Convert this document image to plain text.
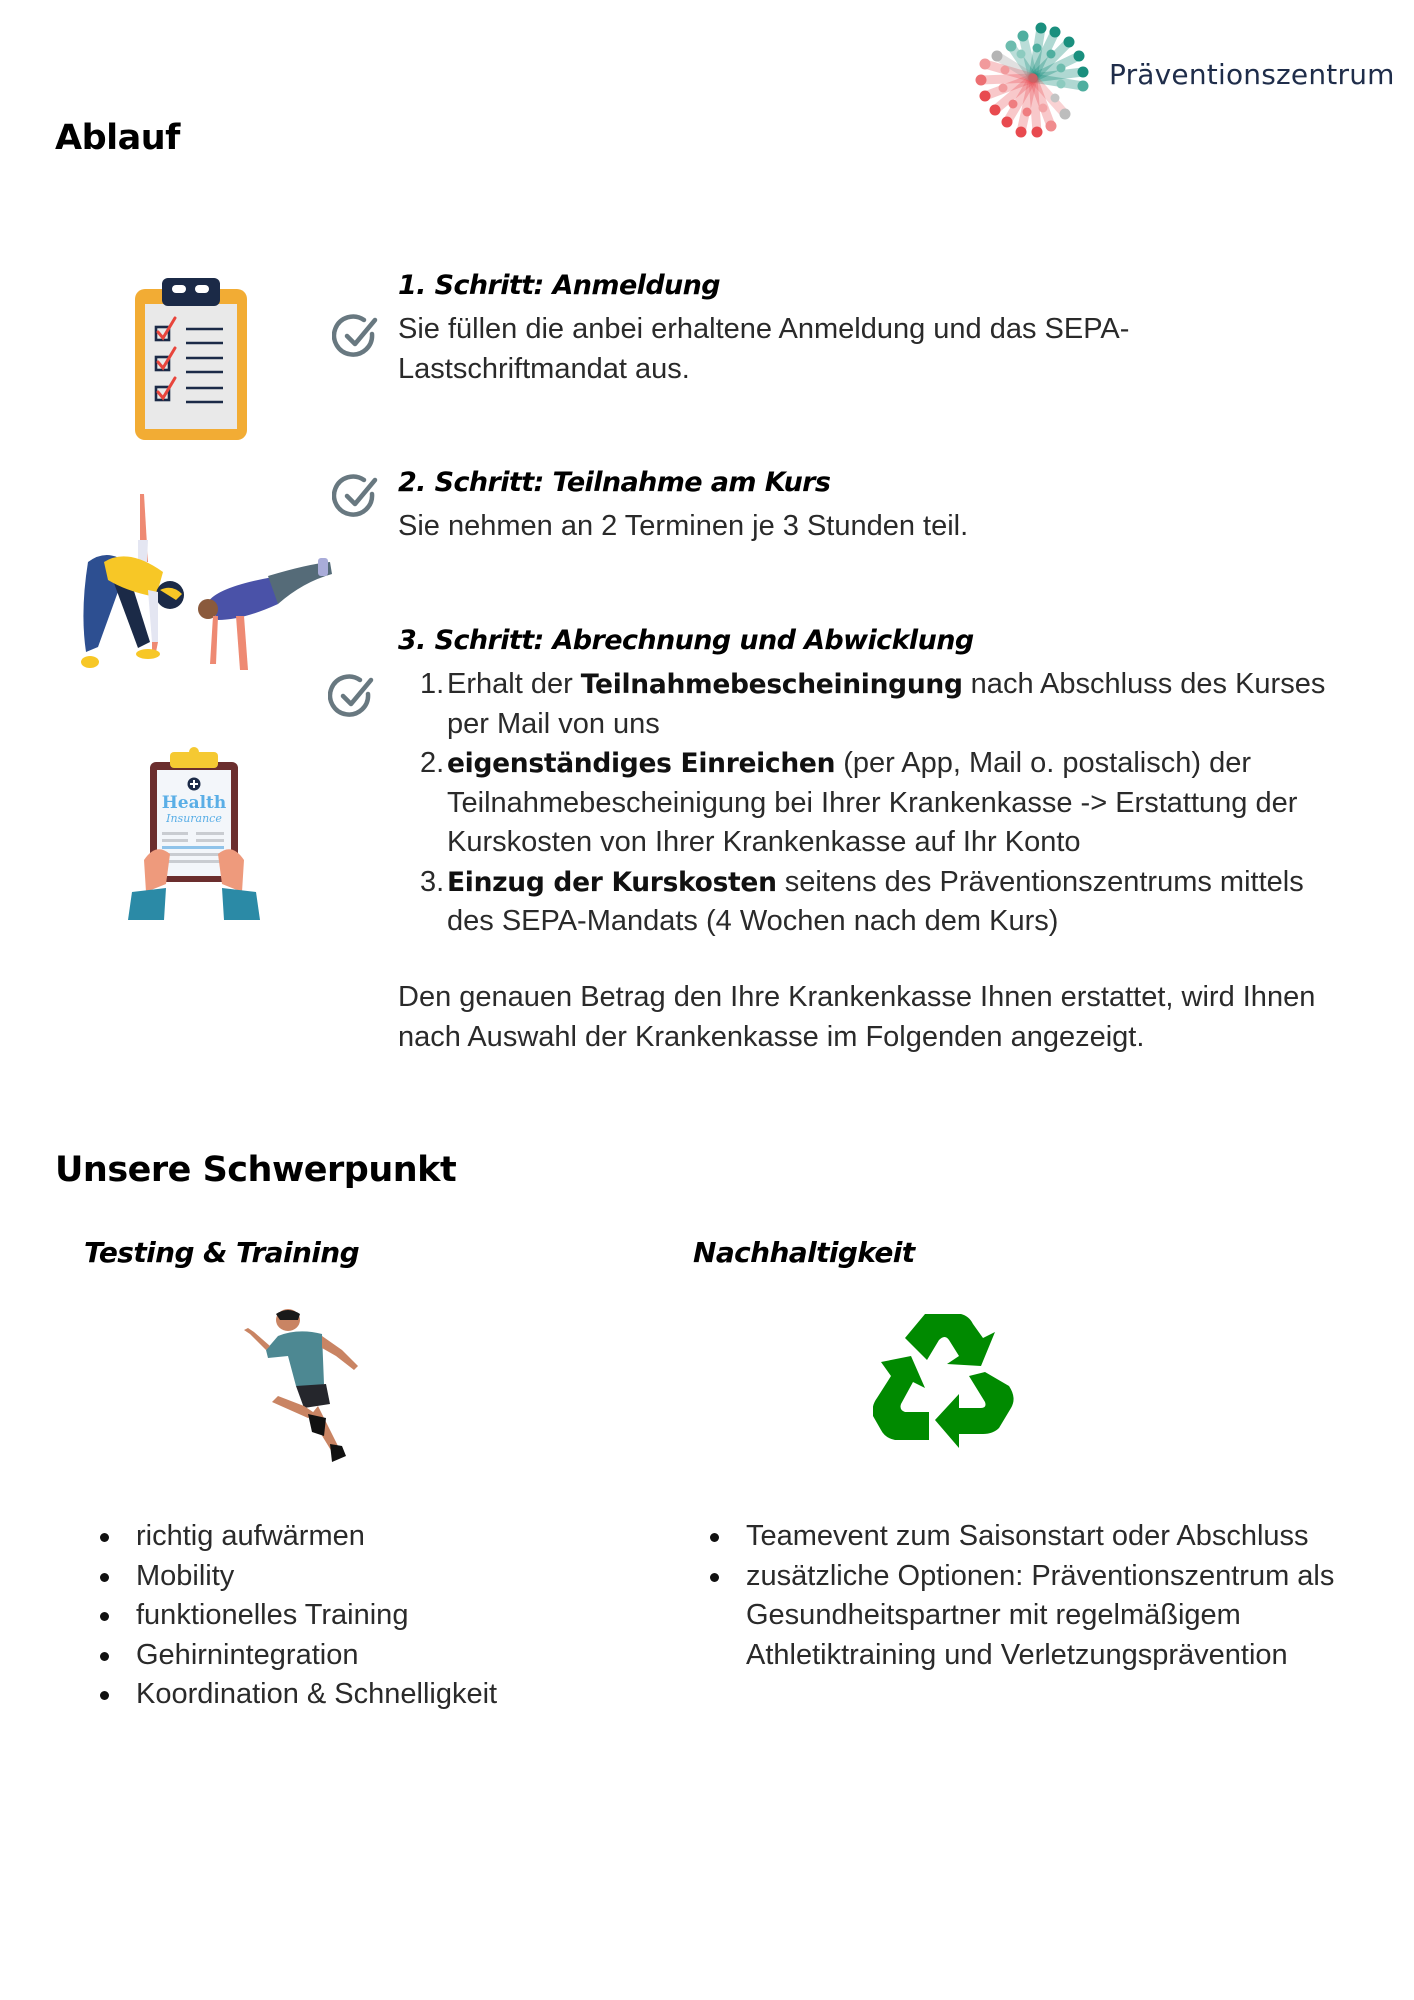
Präventionszentrum
Ablauf
Health
Insurance
1. Schritt: Anmeldung
Sie füllen die anbei erhaltene Anmeldung und das SEPA-
Lastschriftmandat aus.
2. Schritt: Teilnahme am Kurs
Sie nehmen an 2 Terminen je 3 Stunden teil.
3. Schritt: Abrechnung und Abwicklung
1. Erhalt der Teilnahmebescheiningung nach Abschluss des Kurses per Mail von uns
2. eigenständiges Einreichen (per App, Mail o. postalisch) der Teilnahmebescheinigung bei Ihrer Krankenkasse -> Erstattung der Kurskosten von Ihrer Krankenkasse auf Ihr Konto
3. Einzug der Kurskosten seitens des Präventionszentrums mittels des SEPA-Mandats (4 Wochen nach dem Kurs)
Den genauen Betrag den Ihre Krankenkasse Ihnen erstattet, wird Ihnen nach Auswahl der Krankenkasse im Folgenden angezeigt.
Unsere Schwerpunkt
Testing & Training
richtig aufwärmen
Mobility
funktionelles Training
Gehirnintegration
Koordination & Schnelligkeit
Nachhaltigkeit
Teamevent zum Saisonstart oder Abschluss
zusätzliche Optionen: Präventionszentrum als Gesundheitspartner mit regelmäßigem Athletiktraining und Verletzungsprävention
